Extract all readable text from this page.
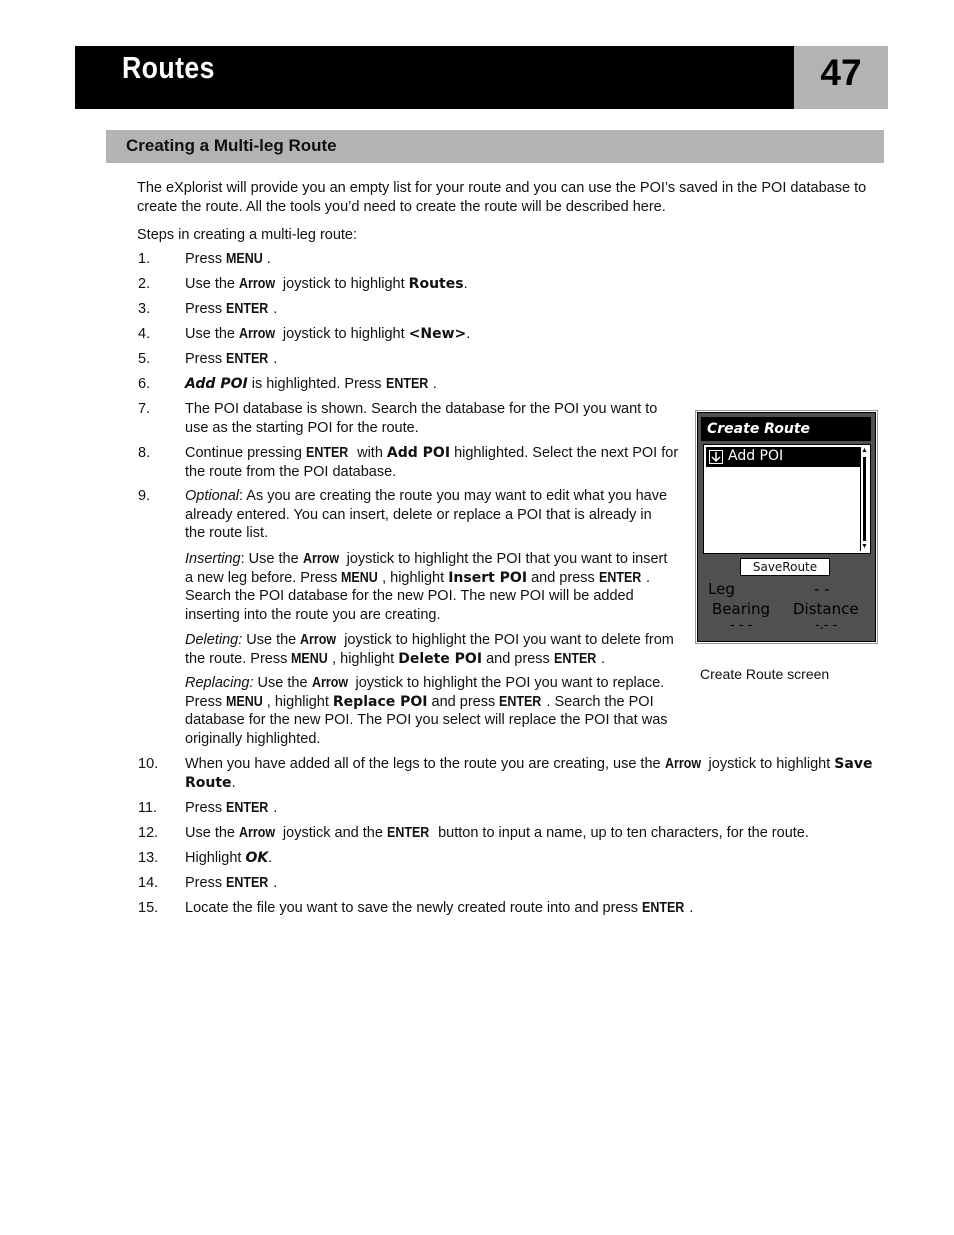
Routes	47
Creating a Multi-leg Route
The eXplorist will provide you an empty list for your route and you can use the POI’s saved in the POI database to create the route. All the tools you’d need to create the route will be described here.
Steps in creating a multi-leg route:
1.	Press MENU .
2.	Use the Arrow joystick to highlight Routes.
3.	Press ENTER .
4.	Use the Arrow joystick to highlight <New>.
5.	Press ENTER .
6.	Add POI is highlighted. Press ENTER .
7.	The POI database is shown. Search the database for the POI you want to use as the starting POI for the route.
8.	Continue pressing ENTER with Add POI highlighted. Select the next POI for the route from the POI database.
9.	Optional: As you are creating the route you may want to edit what you have already entered. You can insert, delete or replace a POI that is already in the route list.
Inserting: Use the Arrow joystick to highlight the POI that you want to insert a new leg before. Press MENU , highlight Insert POI and press ENTER . Search the POI database for the new POI. The new POI will be added inserting into the route you are creating.
Deleting: Use the Arrow joystick to highlight the POI you want to delete from the route. Press MENU , highlight Delete POI and press ENTER .
Replacing: Use the Arrow joystick to highlight the POI you want to replace. Press MENU , highlight Replace POI and press ENTER . Search the POI database for the new POI. The POI you select will replace the POI that was originally highlighted.
10.	When you have added all of the legs to the route you are creating, use the Arrow joystick to highlight Save Route.
11.	Press ENTER .
12.	Use the Arrow joystick and the ENTER button to input a name, up to ten characters, for the route.
13.	Highlight OK.
14.	Press ENTER .
15.	Locate the file you want to save the newly created route into and press ENTER .
Create Route
Add POI	▲
▼
SaveRoute
Leg	- -
Bearing Distance
- - -	-.- -
Create Route screen
